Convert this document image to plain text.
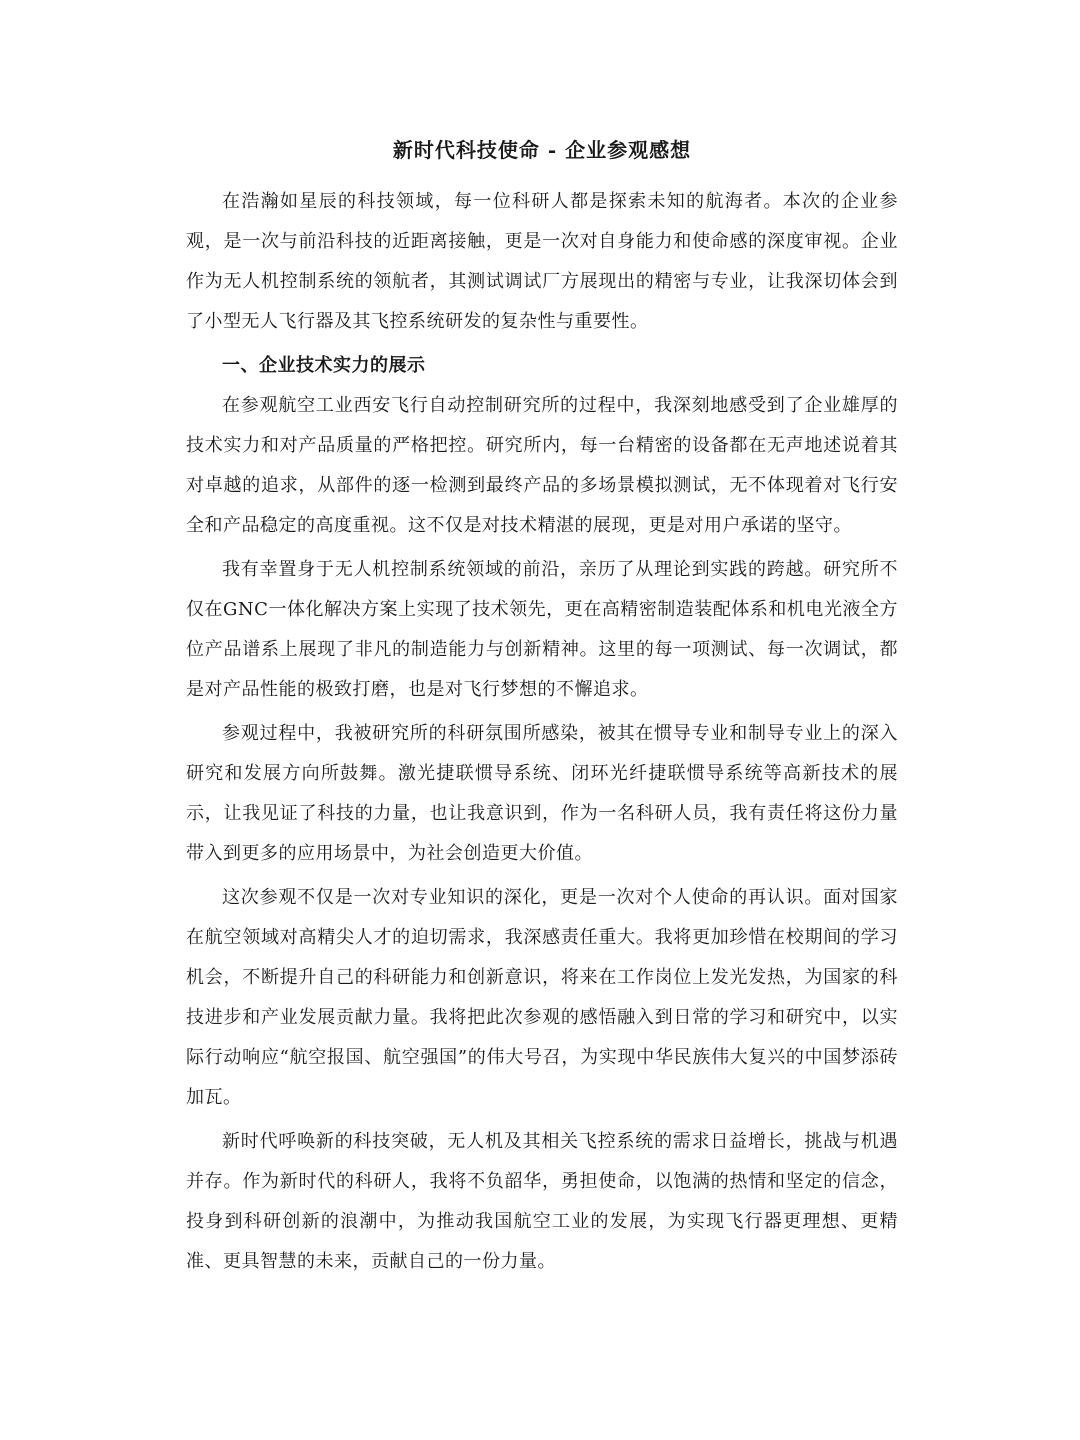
新时代科技使命 - 企业参观感想

在浩瀚如星辰的科技领域，每一位科研人都是探索未知的航海者。本次的企业参观，是一次与前沿科技的近距离接触，更是一次对自身能力和使命感的深度审视。企业作为无人机控制系统的领航者，其测试调试厂方展现出的精密与专业，让我深切体会到了小型无人飞行器及其飞控系统研发的复杂性与重要性。

一、企业技术实力的展示

在参观航空工业西安飞行自动控制研究所的过程中，我深刻地感受到了企业雄厚的技术实力和对产品质量的严格把控。研究所内，每一台精密的设备都在无声地述说着其对卓越的追求，从部件的逐一检测到最终产品的多场景模拟测试，无不体现着对飞行安全和产品稳定的高度重视。这不仅是对技术精湛的展现，更是对用户承诺的坚守。

我有幸置身于无人机控制系统领域的前沿，亲历了从理论到实践的跨越。研究所不仅在GNC一体化解决方案上实现了技术领先，更在高精密制造装配体系和机电光液全方位产品谱系上展现了非凡的制造能力与创新精神。这里的每一项测试、每一次调试，都是对产品性能的极致打磨，也是对飞行梦想的不懈追求。

参观过程中，我被研究所的科研氛围所感染，被其在惯导专业和制导专业上的深入研究和发展方向所鼓舞。激光捷联惯导系统、闭环光纤捷联惯导系统等高新技术的展示，让我见证了科技的力量，也让我意识到，作为一名科研人员，我有责任将这份力量带入到更多的应用场景中，为社会创造更大价值。

这次参观不仅是一次对专业知识的深化，更是一次对个人使命的再认识。面对国家在航空领域对高精尖人才的迫切需求，我深感责任重大。我将更加珍惜在校期间的学习机会，不断提升自己的科研能力和创新意识，将来在工作岗位上发光发热，为国家的科技进步和产业发展贡献力量。我将把此次参观的感悟融入到日常的学习和研究中，以实际行动响应“航空报国、航空强国”的伟大号召，为实现中华民族伟大复兴的中国梦添砖加瓦。

新时代呼唤新的科技突破，无人机及其相关飞控系统的需求日益增长，挑战与机遇并存。作为新时代的科研人，我将不负韶华，勇担使命，以饱满的热情和坚定的信念，投身到科研创新的浪潮中，为推动我国航空工业的发展，为实现飞行器更理想、更精准、更具智慧的未来，贡献自己的一份力量。
